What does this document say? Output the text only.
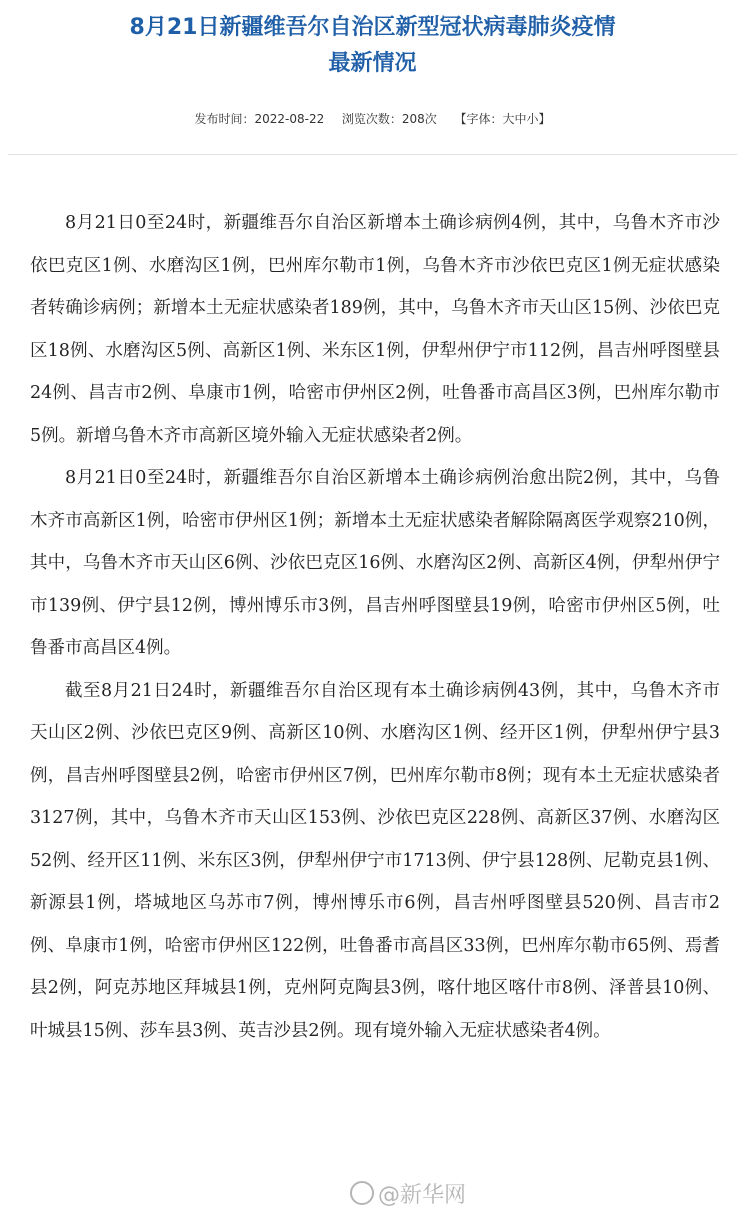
8月21日新疆维吾尔自治区新型冠状病毒肺炎疫情
最新情况
发布时间：2022-08-22 浏览次数：208次 【字体：大中小】

8月21日0至24时，新疆维吾尔自治区新增本土确诊病例4例，其中，乌鲁木齐市沙依巴克区1例、水磨沟区1例，巴州库尔勒市1例，乌鲁木齐市沙依巴克区1例无症状感染者转确诊病例；新增本土无症状感染者189例，其中，乌鲁木齐市天山区15例、沙依巴克区18例、水磨沟区5例、高新区1例、米东区1例，伊犁州伊宁市112例，昌吉州呼图壁县24例、昌吉市2例、阜康市1例，哈密市伊州区2例，吐鲁番市高昌区3例，巴州库尔勒市5例。新增乌鲁木齐市高新区境外输入无症状感染者2例。

8月21日0至24时，新疆维吾尔自治区新增本土确诊病例治愈出院2例，其中，乌鲁木齐市高新区1例，哈密市伊州区1例；新增本土无症状感染者解除隔离医学观察210例，其中，乌鲁木齐市天山区6例、沙依巴克区16例、水磨沟区2例、高新区4例，伊犁州伊宁市139例、伊宁县12例，博州博乐市3例，昌吉州呼图壁县19例，哈密市伊州区5例，吐鲁番市高昌区4例。

截至8月21日24时，新疆维吾尔自治区现有本土确诊病例43例，其中，乌鲁木齐市天山区2例、沙依巴克区9例、高新区10例、水磨沟区1例、经开区1例，伊犁州伊宁县3例，昌吉州呼图壁县2例，哈密市伊州区7例，巴州库尔勒市8例；现有本土无症状感染者3127例，其中，乌鲁木齐市天山区153例、沙依巴克区228例、高新区37例、水磨沟区52例、经开区11例、米东区3例，伊犁州伊宁市1713例、伊宁县128例、尼勒克县1例、新源县1例，塔城地区乌苏市7例，博州博乐市6例，昌吉州呼图壁县520例、昌吉市2例、阜康市1例，哈密市伊州区122例，吐鲁番市高昌区33例，巴州库尔勒市65例、焉耆县2例，阿克苏地区拜城县1例，克州阿克陶县3例，喀什地区喀什市8例、泽普县10例、叶城县15例、莎车县3例、英吉沙县2例。现有境外输入无症状感染者4例。

@新华网
